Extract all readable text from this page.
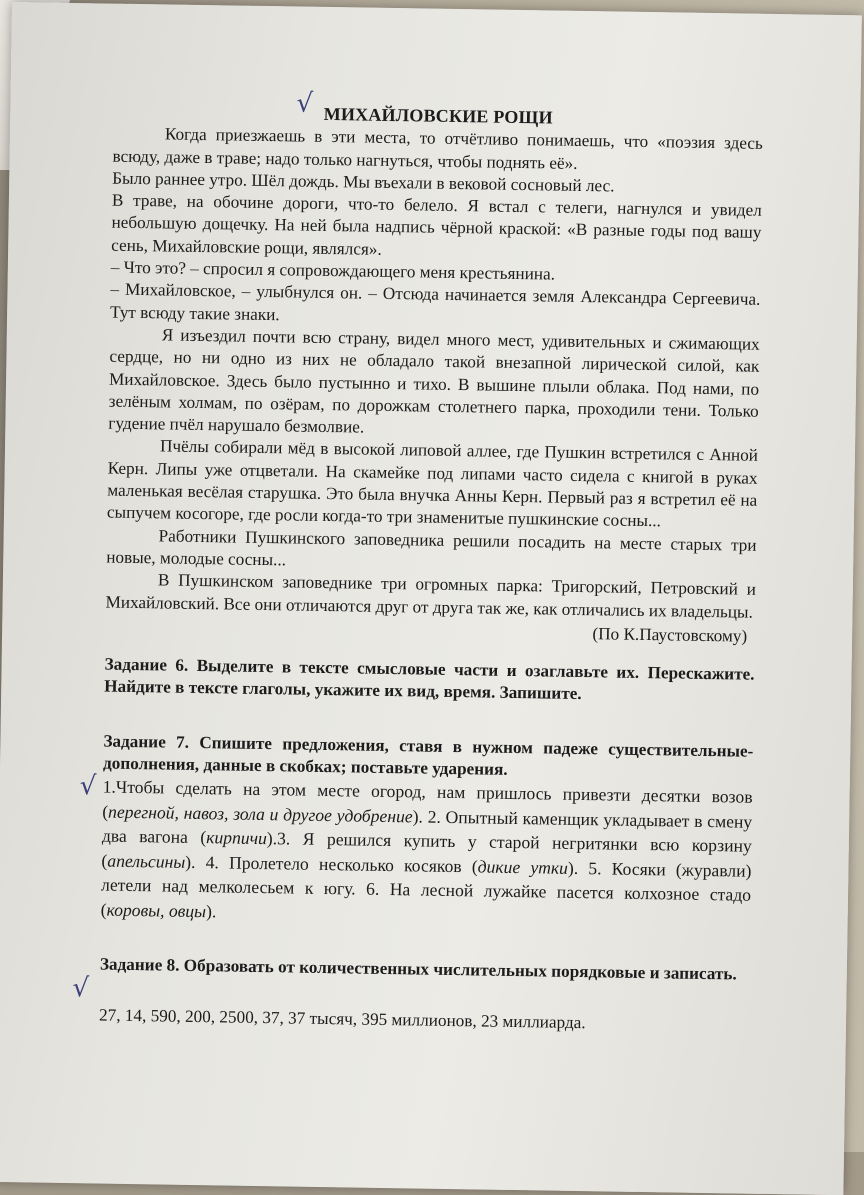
√
√
√
МИХАЙЛОВСКИЕ РОЩИ

Когда приезжаешь в эти места, то отчётливо понимаешь, что «поэзия здесь всюду, даже в траве; надо только нагнуться, чтобы поднять её».

Было раннее утро. Шёл дождь. Мы въехали в вековой сосновый лес.

В траве, на обочине дороги, что-то белело. Я встал с телеги, нагнулся и увидел небольшую дощечку. На ней была надпись чёрной краской: «В разные годы под вашу сень, Михайловские рощи, являлся».

– Что это? – спросил я сопровождающего меня крестьянина.

– Михайловское, – улыбнулся он. – Отсюда начинается земля Александра Сергеевича. Тут всюду такие знаки.

Я изъездил почти всю страну, видел много мест, удивительных и сжимающих сердце, но ни одно из них не обладало такой внезапной лирической силой, как Михайловское. Здесь было пустынно и тихо. В вышине плыли облака. Под нами, по зелёным холмам, по озёрам, по дорожкам столетнего парка, проходили тени. Только гудение пчёл нарушало безмолвие.

Пчёлы собирали мёд в высокой липовой аллее, где Пушкин встретился с Анной Керн. Липы уже отцветали. На скамейке под липами часто сидела с книгой в руках маленькая весёлая старушка. Это была внучка Анны Керн. Первый раз я встретил её на сыпучем косогоре, где росли когда-то три знаменитые пушкинские сосны...

Работники Пушкинского заповедника решили посадить на месте старых три новые, молодые сосны...

В Пушкинском заповеднике три огромных парка: Тригорский, Петровский и Михайловский. Все они отличаются друг от друга так же, как отличались их владельцы.

(По К.Паустовскому)

Задание 6. Выделите в тексте смысловые части и озаглавьте их. Перескажите. Найдите в тексте глаголы, укажите их вид, время. Запишите.

Задание 7. Спишите предложения, ставя в нужном падеже существительные-дополнения, данные в скобках; поставьте ударения.

1.Чтобы сделать на этом месте огород, нам пришлось привезти десятки возов (перегной, навоз, зола и другое удобрение). 2. Опытный каменщик укладывает в смену два вагона (кирпичи).3. Я решился купить у старой негритянки всю корзину (апельсины). 4. Пролетело несколько косяков (дикие утки). 5. Косяки (журавли) летели над мелколесьем к югу. 6. На лесной лужайке пасется колхозное стадо (коровы, овцы).

Задание 8. Образовать от количественных числительных порядковые и записать.

27, 14, 590, 200, 2500, 37, 37 тысяч, 395 миллионов, 23 миллиарда.
